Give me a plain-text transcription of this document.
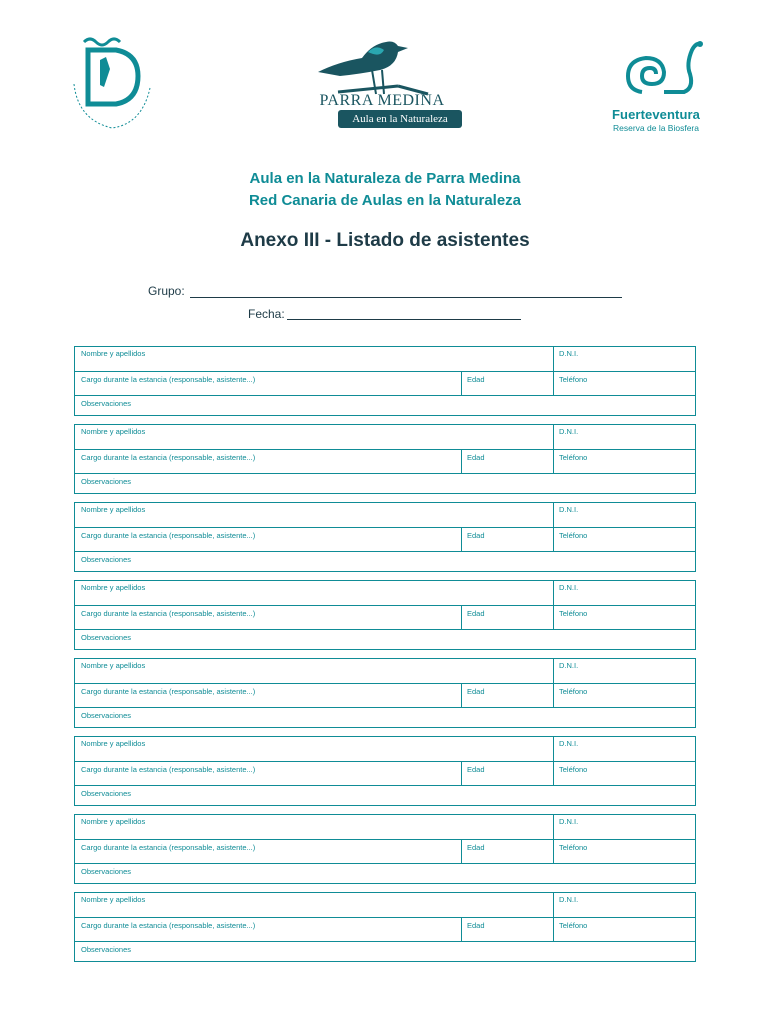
PARRA MEDINA
Aula en la Naturaleza	Fuerteventura
Reserva de la Biosfera
Aula en la Naturaleza de Parra Medina
Red Canaria de Aulas en la Naturaleza
Anexo III - Listado de asistentes
Grupo:
Fecha:
Nombre y apellidos	D.N.I.
Cargo durante la estancia (responsable, asistente...)	Edad	Teléfono
Observaciones
Nombre y apellidos	D.N.I.
Cargo durante la estancia (responsable, asistente...)	Edad	Teléfono
Observaciones
Nombre y apellidos	D.N.I.
Cargo durante la estancia (responsable, asistente...)	Edad	Teléfono
Observaciones
Nombre y apellidos	D.N.I.
Cargo durante la estancia (responsable, asistente...)	Edad	Teléfono
Observaciones
Nombre y apellidos	D.N.I.
Cargo durante la estancia (responsable, asistente...)	Edad	Teléfono
Observaciones
Nombre y apellidos	D.N.I.
Cargo durante la estancia (responsable, asistente...)	Edad	Teléfono
Observaciones
Nombre y apellidos	D.N.I.
Cargo durante la estancia (responsable, asistente...)	Edad	Teléfono
Observaciones
Nombre y apellidos	D.N.I.
Cargo durante la estancia (responsable, asistente...)	Edad	Teléfono
Observaciones
